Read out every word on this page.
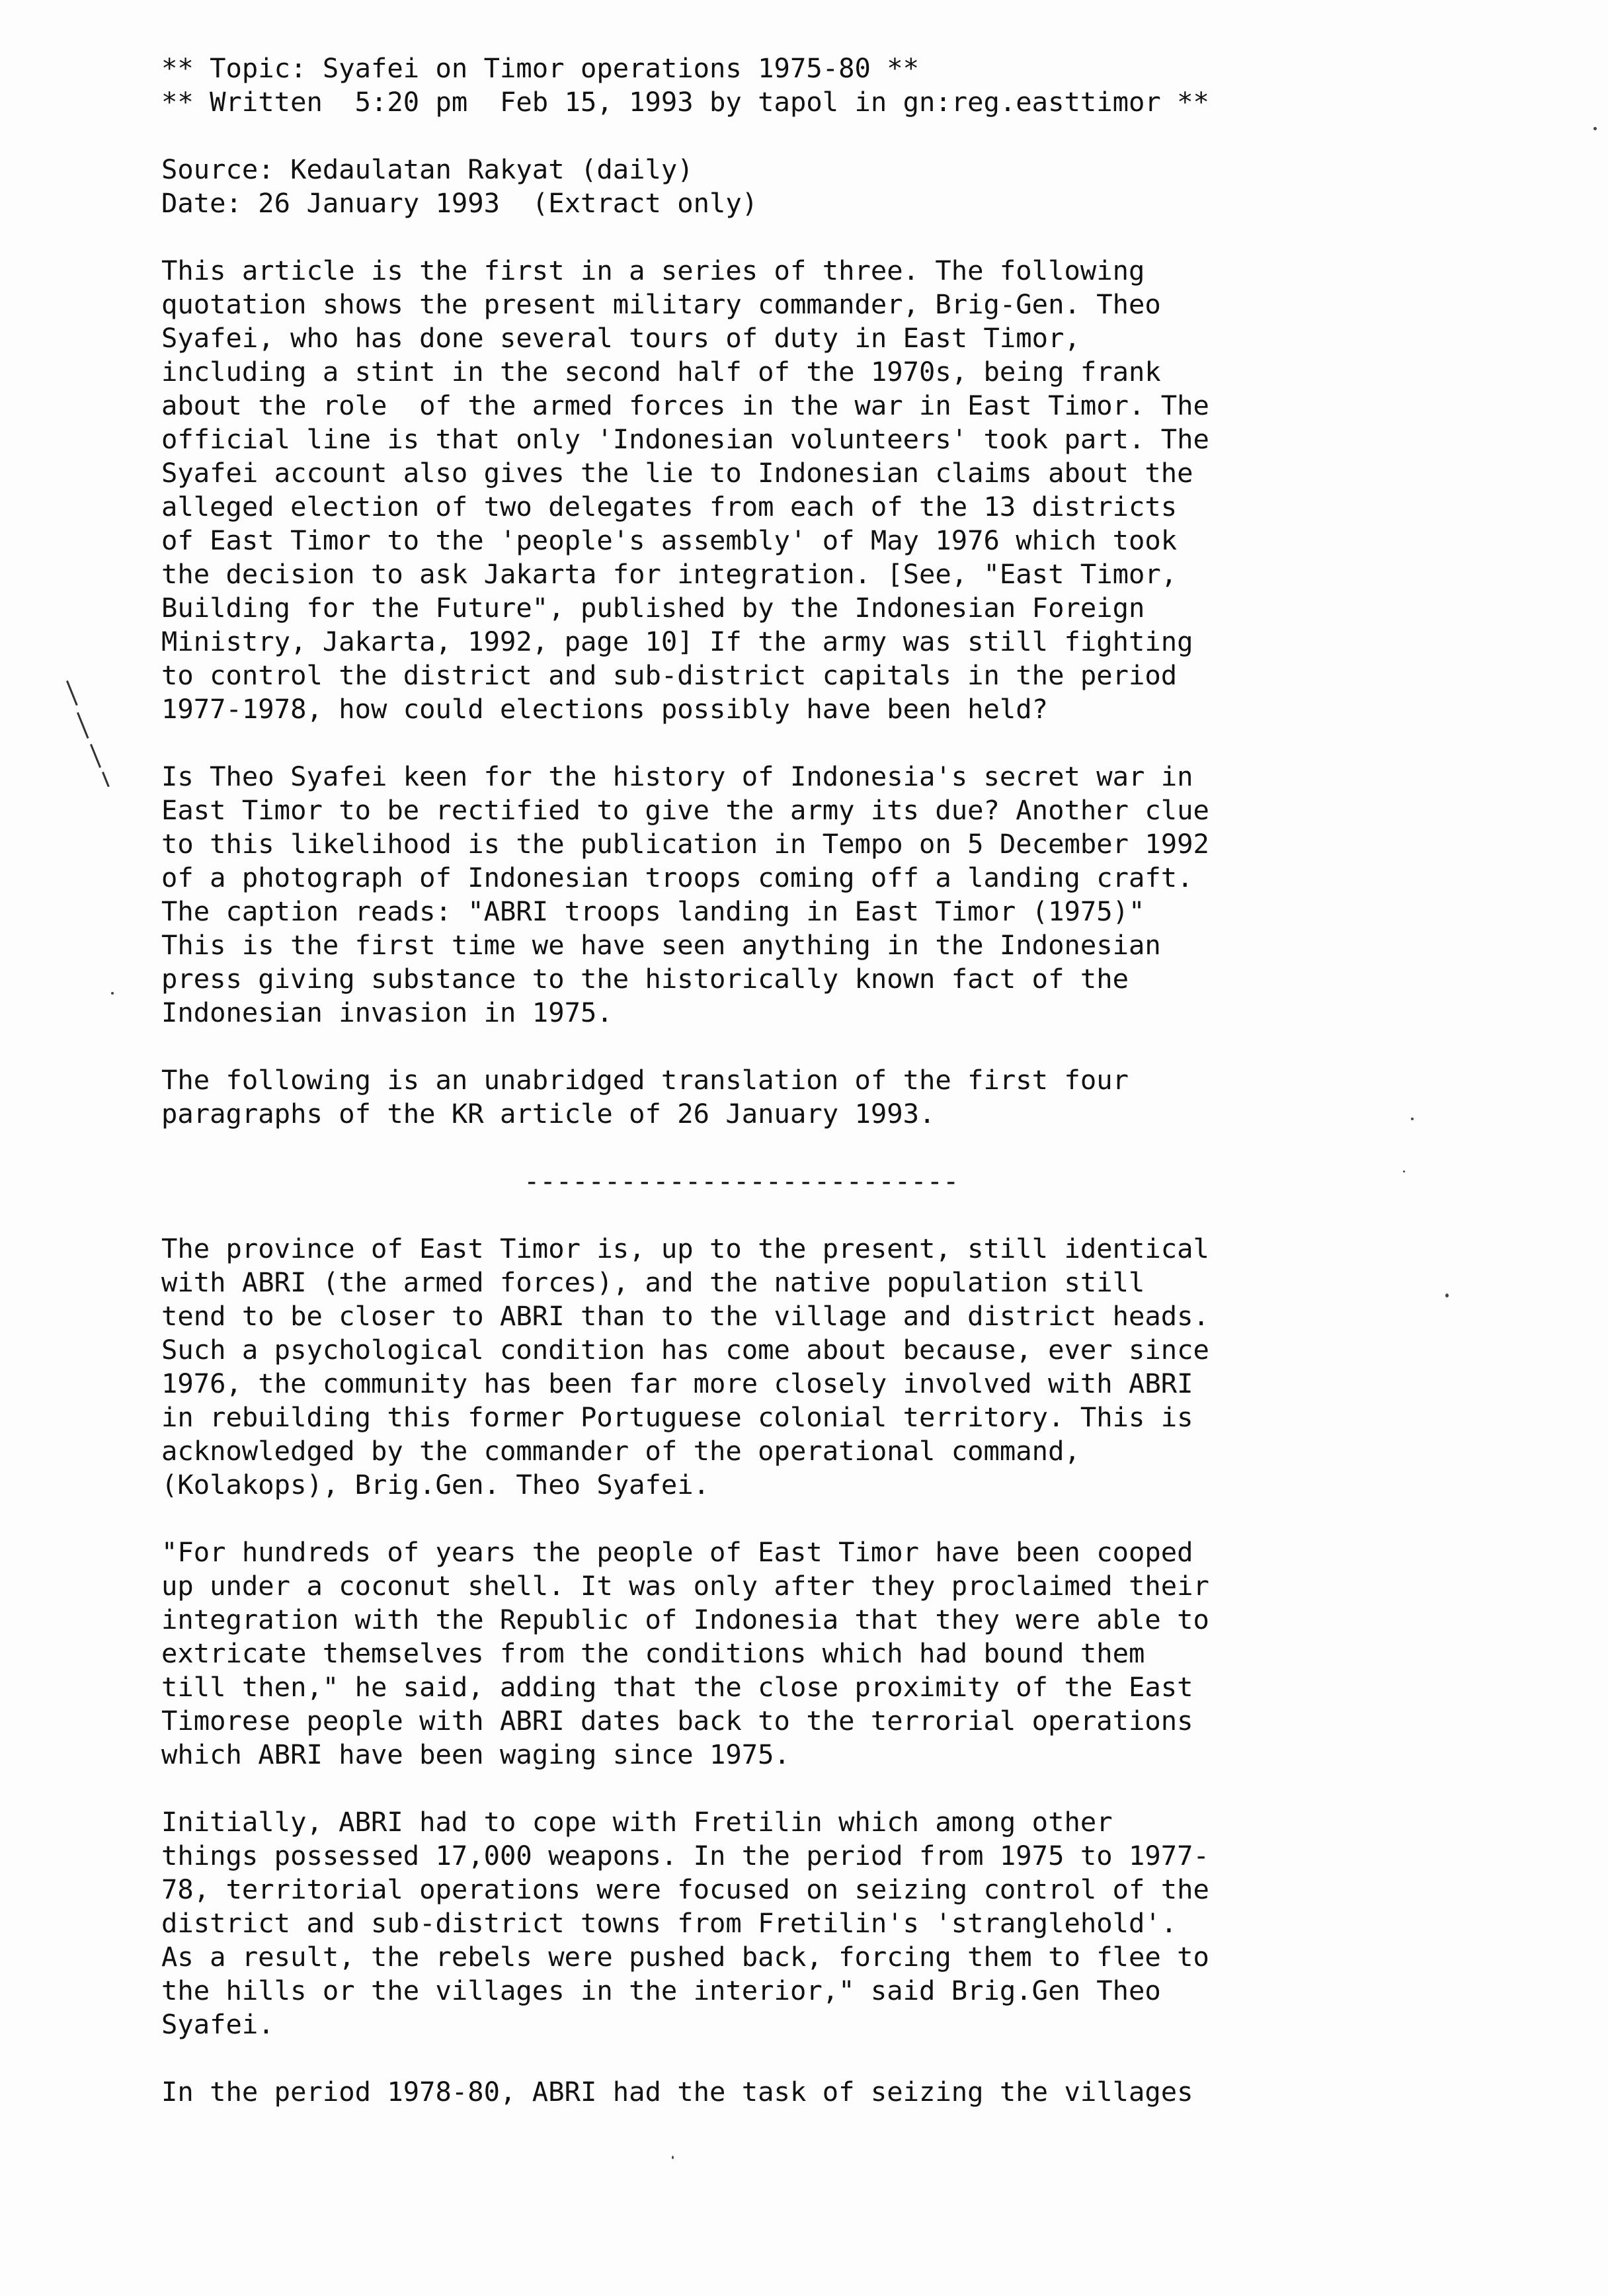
** Topic: Syafei on Timor operations 1975-80 **
** Written  5:20 pm  Feb 15, 1993 by tapol in gn:reg.easttimor **
Source: Kedaulatan Rakyat (daily)
Date: 26 January 1993  (Extract only)
This article is the first in a series of three. The following
quotation shows the present military commander, Brig-Gen. Theo
Syafei, who has done several tours of duty in East Timor,
including a stint in the second half of the 1970s, being frank
about the role  of the armed forces in the war in East Timor. The
official line is that only 'Indonesian volunteers' took part. The
Syafei account also gives the lie to Indonesian claims about the
alleged election of two delegates from each of the 13 districts
of East Timor to the 'people's assembly' of May 1976 which took
the decision to ask Jakarta for integration. [See, "East Timor,
Building for the Future", published by the Indonesian Foreign
Ministry, Jakarta, 1992, page 10] If the army was still fighting
to control the district and sub-district capitals in the period
1977-1978, how could elections possibly have been held?
Is Theo Syafei keen for the history of Indonesia's secret war in
East Timor to be rectified to give the army its due? Another clue
to this likelihood is the publication in Tempo on 5 December 1992
of a photograph of Indonesian troops coming off a landing craft.
The caption reads: "ABRI troops landing in East Timor (1975)"
This is the first time we have seen anything in the Indonesian
press giving substance to the historically known fact of the
Indonesian invasion in 1975.
The following is an unabridged translation of the first four
paragraphs of the KR article of 26 January 1993.
---------------------------
The province of East Timor is, up to the present, still identical
with ABRI (the armed forces), and the native population still
tend to be closer to ABRI than to the village and district heads.
Such a psychological condition has come about because, ever since
1976, the community has been far more closely involved with ABRI
in rebuilding this former Portuguese colonial territory. This is
acknowledged by the commander of the operational command,
(Kolakops), Brig.Gen. Theo Syafei.
"For hundreds of years the people of East Timor have been cooped
up under a coconut shell. It was only after they proclaimed their
integration with the Republic of Indonesia that they were able to
extricate themselves from the conditions which had bound them
till then," he said, adding that the close proximity of the East
Timorese people with ABRI dates back to the terrorial operations
which ABRI have been waging since 1975.
Initially, ABRI had to cope with Fretilin which among other
things possessed 17,000 weapons. In the period from 1975 to 1977-
78, territorial operations were focused on seizing control of the
district and sub-district towns from Fretilin's 'stranglehold'.
As a result, the rebels were pushed back, forcing them to flee to
the hills or the villages in the interior," said Brig.Gen Theo
Syafei.
In the period 1978-80, ABRI had the task of seizing the villages
